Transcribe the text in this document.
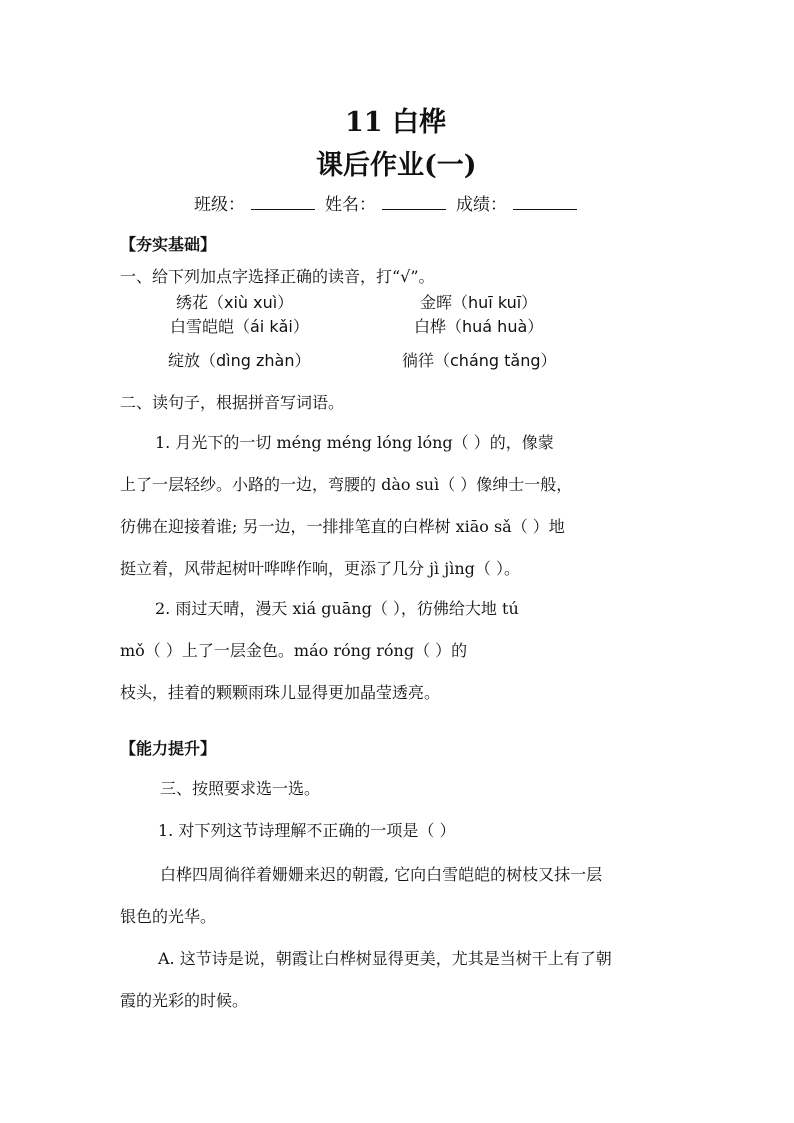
11 白桦
课后作业(一)
班级：	姓名：	成绩：
【夯实基础】
一、给下列加点字选择正确的读音，打“√”。
绣花（xiù xuì）	金晖（huī kuī）
白雪皑皑（ái kǎi）	白桦（huá huà）
绽放（dìng zhàn）	徜徉（cháng tǎng）
二、读句子，根据拼音写词语。
1. 月光下的一切 méng méng lóng lóng（ ）的，像蒙
上了一层轻纱。小路的一边，弯腰的 dào suì（ ）像绅士一般，
彷佛在迎接着谁; 另一边，一排排笔直的白桦树 xiāo sǎ（ ）地
挺立着，风带起树叶哗哗作响，更添了几分 jì jìng（ ）。
2. 雨过天晴，漫天 xiá guāng（ ），彷佛给大地 tú
mǒ（ ）上了一层金色。máo róng róng（ ）的
枝头，挂着的颗颗雨珠儿显得更加晶莹透亮。
【能力提升】
三、按照要求选一选。
1. 对下列这节诗理解不正确的一项是（ ）
白桦四周徜徉着姗姗来迟的朝霞, 它向白雪皑皑的树枝又抹一层
银色的光华。
A. 这节诗是说，朝霞让白桦树显得更美，尤其是当树干上有了朝
霞的光彩的时候。
